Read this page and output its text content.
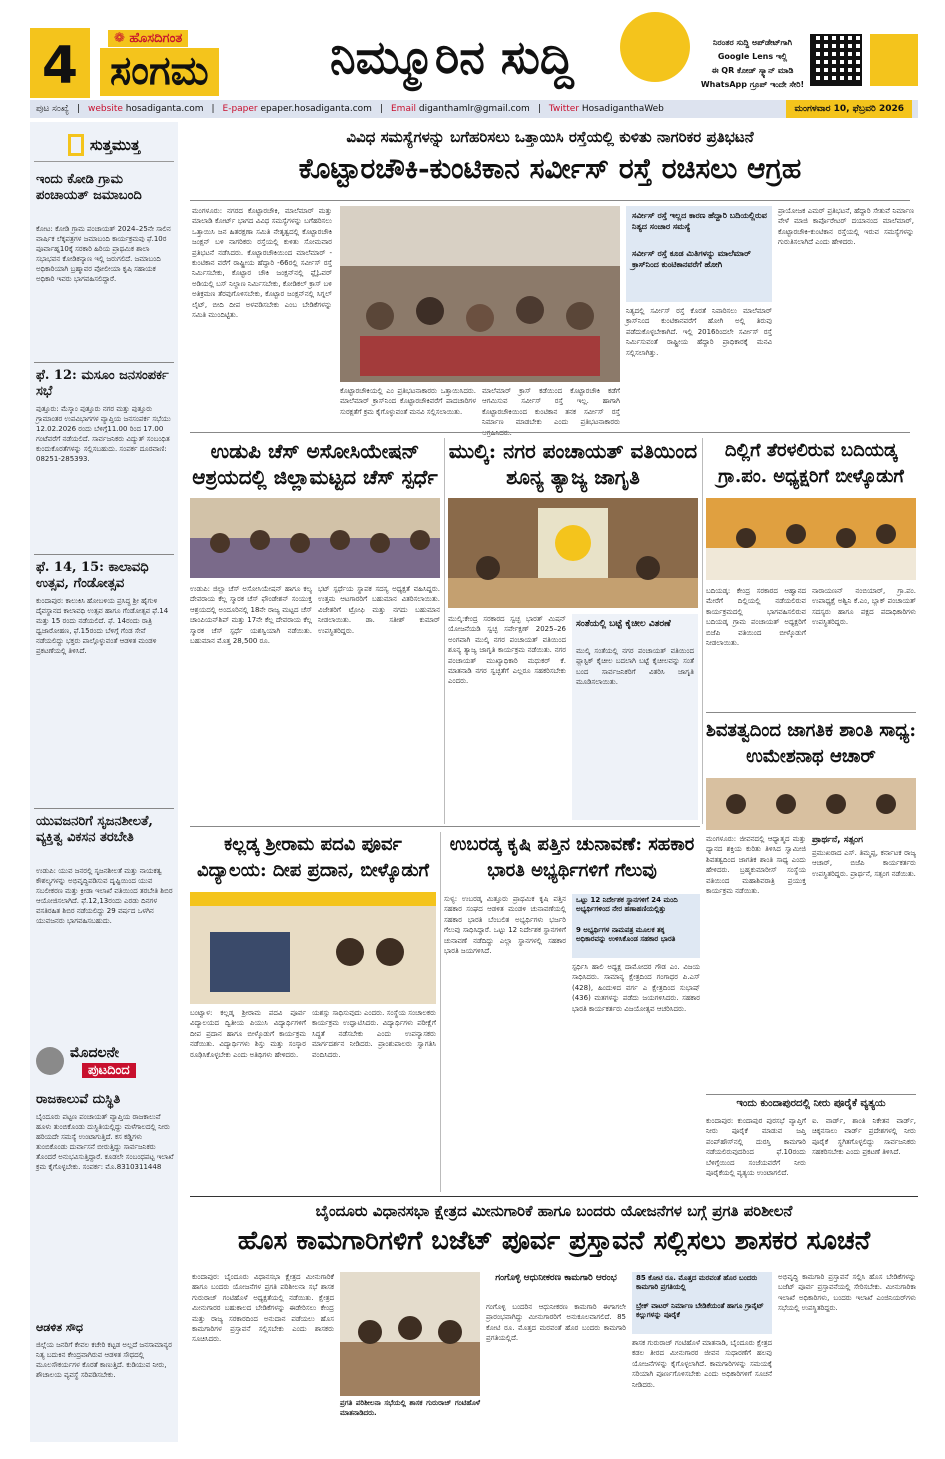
4	❁ ಹೊಸದಿಗಂತ
ಸಂಗಮ	ನಿಮ್ಮೂರಿನ ಸುದ್ದಿ	ನಿರಂತರ ಸುದ್ದಿ ಅಪ್‌ಡೇಟ್‌ಗಾಗಿ
Google Lens ಇಲ್ಲಿ
ಈ QR ಕೋಡ್ ಸ್ಕ್ಯಾನ್ ಮಾಡಿ
WhatsApp ಗ್ರೂಪ್ ಇಂದೇ ಸೇರಿ!
ಪುಟ ಸಂಖ್ಯೆ | website hosadiganta.com | E-paper epaper.hosadiganta.com | Email diganthamlr@gmail.com | Twitter HosadiganthaWeb	ಮಂಗಳವಾರ 10, ಫೆಬ್ರವರಿ 2026
ಸುತ್ತಮುತ್ತ
ಇಂದು ಕೋಡಿ ಗ್ರಾಮ ಪಂಚಾಯತ್ ಜಮಾಬಂದಿ
ಕೋಟ: ಕೋಡಿ ಗ್ರಾಮ ಪಂಚಾಯತ್ 2024–25ನೇ ಸಾಲಿನ ವಾರ್ಷಿಕ ಲೆಕ್ಕಪತ್ರಗಳ ಜಮಾಬಂದಿ ಕಾರ್ಯಕ್ರಮವು ಫೆ.10ರ ಪೂರ್ವಾಹ್ನ10ಕ್ಕೆ ಸರಕಾರಿ ಹಿರಿಯ ಪ್ರಾಥಮಿಕ ಶಾಲಾ ಸಭಾಭವನ ಕೋಡಿಕನ್ಯಾಣ ಇಲ್ಲಿ ಜರುಗಲಿದೆ. ಜಮಾಬಂದಿ ಅಧಿಕಾರಿಯಾಗಿ ಬ್ರಹ್ಮಾವರ ಪೋಲೀಯಾ ಕೃಷಿ ಸಹಾಯಕ ಅಧಿಕಾರಿ ಇವರು ಭಾಗವಹಿಸಲಿದ್ದಾರೆ.
ಫೆ. 12: ಮಸೂಂ ಜನಸಂಪರ್ಕ ಸಭೆ
ಪುತ್ತೂರು: ಮೆಸ್ಕಾಂ ಪುತ್ತೂರು ನಗರ ಮತ್ತು ಪುತ್ತೂರು ಗ್ರಾಮಾಂತರ ಉಪವಿಭಾಗಗಳ ವ್ಯಾಪ್ತಿಯ ಜನಸಂಪರ್ಕ ಸಭೆಯು 12.02.2026 ರಂದು ಬೆಳಿಗ್ಗೆ11.00 ರಿಂದ 17.00 ಗಂಟೆವರೆಗೆ ನಡೆಯಲಿದೆ. ಸಾರ್ವಜನಿಕರು ವಿದ್ಯುತ್ ಸಂಬಂಧಿತ ಕುಂದುಕೊರತೆಗಳನ್ನು ಸಲ್ಲಿಸಬಹುದು. ಸಂಪರ್ಕ ದೂರವಾಣಿ: 08251-285393.
ಫೆ. 14, 15: ಕಾಲಾವಧಿ ಉತ್ಸವ, ಗೆಂಡೋತ್ಸವ
ಕುಂದಾಪುರ: ಕಾಲುಕಿಸಿ ಹೋಬಳಿಯ ಪ್ರಸಿದ್ಧ ಶ್ರೀ ಹೈಗುಳಿ ದೈವಸ್ಥಾನದ ಕಾಲಾವಧಿ ಉತ್ಸವ ಹಾಗೂ ಗೆಂಡೋತ್ಸವ ಫೆ.14 ಮತ್ತು 15 ರಂದು ನಡೆಯಲಿದೆ. ಫೆ. 14ರಂದು ರಾತ್ರಿ ಧ್ವಜಾರೋಹಣ, ಫೆ.15ರಂದು ಬೆಳಿಗ್ಗೆ ಗೆಂಡ ಸೇವೆ ನಡೆಯಲಿದ್ದು ಭಕ್ತರು ಪಾಲ್ಗೊಳ್ಳುವಂತೆ ಆಡಳಿತ ಮಂಡಳಿ ಪ್ರಕಟಣೆಯಲ್ಲಿ ತಿಳಿಸಿದೆ.
ಯುವಜನರಿಗೆ ಸೃಜನಶೀಲತೆ, ವ್ಯಕ್ತಿತ್ವ ವಿಕಸನ ತರಬೇತಿ
ಉಡುಪಿ: ಯುವ ಜನರಲ್ಲಿ ಸೃಜನಶೀಲತೆ ಮತ್ತು ನಾಯಕತ್ವ ಕೌಶಲ್ಯಗಳನ್ನು ಅಭಿವೃದ್ಧಿಪಡಿಸುವ ದೃಷ್ಟಿಯಿಂದ ಯುವ ಸಬಲೀಕರಣ ಮತ್ತು ಕ್ರೀಡಾ ಇಲಾಖೆ ವತಿಯಿಂದ ತರಬೇತಿ ಶಿಬಿರ ಆಯೋಜಿಸಲಾಗಿದೆ. ಫೆ.12,13ರಂದು ಎರಡು ದಿನಗಳ ವಸತಿರಹಿತ ಶಿಬಿರ ನಡೆಯಲಿದ್ದು 29 ವರ್ಷದ ಒಳಗಿನ ಯುವಜನರು ಭಾಗವಹಿಸಬಹುದು.
ಮೊದಲನೇ
ಪುಟದಿಂದ
ರಾಜಕಾಲುವೆ ದುಸ್ಥಿತಿ
ಬೈಂದೂರು ಪಟ್ಟಣ ಪಂಚಾಯತ್ ವ್ಯಾಪ್ತಿಯ ರಾಜಕಾಲುವೆ ಹೂಳು ತುಂಬಿಕೊಂಡು ದುಸ್ಥಿತಿಯಲ್ಲಿದ್ದು ಮಳೆಗಾಲದಲ್ಲಿ ನೀರು ಹರಿಯದೇ ಸಮಸ್ಯೆ ಉಂಟಾಗುತ್ತಿದೆ. ಕಸ ಕಡ್ಡಿಗಳು ತುಂಬಿಕೊಂಡು ದುರ್ವಾಸನೆ ಬೀರುತ್ತಿದ್ದು ಸಾರ್ವಜನಿಕರು ತೊಂದರೆ ಅನುಭವಿಸುತ್ತಿದ್ದಾರೆ. ಕೂಡಲೇ ಸಂಬಂಧಪಟ್ಟ ಇಲಾಖೆ ಕ್ರಮ ಕೈಗೊಳ್ಳಬೇಕು. ಸಂಪರ್ಕ: ಮೊ.8310311448
ಆಡಳಿತ ಸೌಧ
ಜಿಲ್ಲೆಯ ಜನರಿಗೆ ಕೇವಲ ಕಚೇರಿ ಕಟ್ಟಡ ಅಲ್ಲದೆ ಜನಸಾಮಾನ್ಯರ ನಿತ್ಯ ಬದುಕಿನ ಕೇಂದ್ರವಾಗಿರುವ ಆಡಳಿತ ಸೌಧದಲ್ಲಿ ಮೂಲಸೌಕರ್ಯಗಳ ಕೊರತೆ ಕಾಣುತ್ತಿದೆ. ಕುಡಿಯುವ ನೀರು, ಶೌಚಾಲಯ ವ್ಯವಸ್ಥೆ ಸರಿಪಡಿಸಬೇಕು.
ವಿವಿಧ ಸಮಸ್ಯೆಗಳನ್ನು ಬಗೆಹರಿಸಲು ಒತ್ತಾಯಿಸಿ ರಸ್ತೆಯಲ್ಲಿ ಕುಳಿತು ನಾಗರಿಕರ ಪ್ರತಿಭಟನೆ
ಕೊಟ್ಟಾರಚೌಕಿ-ಕುಂಟಿಕಾನ ಸರ್ವೀಸ್ ರಸ್ತೆ ರಚಿಸಲು ಆಗ್ರಹ
ಮಂಗಳೂರು: ನಗರದ ಕೊಟ್ಟಾರಚೌಕಿ, ಮಾಲೆಮಾರ್ ಮತ್ತು ಮಾಲಾಡಿ ಕೋರ್ಟ್ ಭಾಗದ ವಿವಿಧ ಸಮಸ್ಯೆಗಳನ್ನು ಬಗೆಹರಿಸಲು ಒತ್ತಾಯಿಸಿ ಜನ ಹಿತರಕ್ಷಣಾ ಸಮಿತಿ ನೇತೃತ್ವದಲ್ಲಿ ಕೊಟ್ಟಾರಚೌಕಿ ಜಂಕ್ಷನ್ ಬಳಿ ನಾಗರಿಕರು ರಸ್ತೆಯಲ್ಲಿ ಕುಳಿತು ಸೋಮವಾರ ಪ್ರತಿಭಟನೆ ನಡೆಸಿದರು. ಕೊಟ್ಟಾರಚೌಕಿಯಿಂದ ಮಾಲೆಮಾರ್ - ಕುಂಟಿಕಾನ ವರೆಗೆ ರಾಷ್ಟ್ರೀಯ ಹೆದ್ದಾರಿ -66ರಲ್ಲಿ ಸರ್ವೀಸ್ ರಸ್ತೆ ನಿರ್ಮಿಸಬೇಕು, ಕೊಟ್ಟಾರ ಚೌಕಿ ಜಂಕ್ಷನ್‌ನಲ್ಲಿ ಫ್ಲೈಓವರ್ ಅಡಿಯಲ್ಲಿ ಬಸ್ ನಿಲ್ದಾಣ ನಿರ್ಮಿಸಬೇಕು, ಕೋಡಿಕಲ್ ಕ್ರಾಸ್ ಬಳಿ ಅತಿಕ್ರಮಣ ತೆರವುಗೊಳಿಸಬೇಕು, ಕೊಟ್ಟಾರ ಜಂಕ್ಷನ್‌ನಲ್ಲಿ ಸಿಗ್ನಲ್ ಲೈಟ್, ಬೀದಿ ದೀಪ ಅಳವಡಿಸಬೇಕು ಎಂಬ ಬೇಡಿಕೆಗಳನ್ನು ಸಮಿತಿ ಮುಂದಿಟ್ಟಿತು.
ಕೊಟ್ಟಾರಚೌಕಿಯಲ್ಲಿ ಎಂ ಪ್ರತಿಭಟನಾಕಾರರು ಒತ್ತಾಯಿಸಿದರು. ಮಾಲೆಮಾರ್ ಕ್ರಾಸ್‌ನಿಂದ ಕೊಟ್ಟಾರಚೌಕಿವರೆಗೆ ಪಾದಚಾರಿಗಳ ಸುರಕ್ಷತೆಗೆ ಕ್ರಮ ಕೈಗೊಳ್ಳುವಂತೆ ಮನವಿ ಸಲ್ಲಿಸಲಾಯಿತು.
ಮಾಲೆಮಾರ್ ಕ್ರಾಸ್ ಕಡೆಯಿಂದ ಕೊಟ್ಟಾರಚೌಕಿ ಕಡೆಗೆ ಆಗಮಿಸುವ ಸರ್ವೀಸ್ ರಸ್ತೆ ಇಲ್ಲ. ಹಾಗಾಗಿ ಕೊಟ್ಟಾರಚೌಕಿಯಿಂದ ಕುಂಟಿಕಾನ ತನಕ ಸರ್ವೀಸ್ ರಸ್ತೆ ನಿರ್ಮಾಣ ಮಾಡಬೇಕು ಎಂದು ಪ್ರತಿಭಟನಾಕಾರರು
ಸರ್ವೀಸ್ ರಸ್ತೆ ಇಲ್ಲದ ಕಾರಣ ಹೆದ್ದಾರಿ ಬದಿಯಲ್ಲಿರುವ ನಿತ್ಯದ ಸಂಚಾರ ಸಮಸ್ಯೆ
ಸರ್ವೀಸ್ ರಸ್ತೆ ಕೂಡ ಮಿತಿಗಳನ್ನು ಮಾಲೆಮಾರ್ ಕ್ರಾಸ್‌ನಿಂದ ಕುಂಟಿಕಾನವರೆಗೆ ಹೋಗಿ
ನಿತ್ಯದಲ್ಲಿ ಸರ್ವೀಸ್ ರಸ್ತೆ ಕೊರತೆ ನಿವಾರಿಸಲು ಮಾಲೆಮಾರ್ ಕ್ರಾಸ್‌ನಿಂದ ಕುಂಟಿಕಾನವರೆಗೆ ಹೋಗಿ ಅಲ್ಲಿ ತಿರುವು ಪಡೆದುಕೊಳ್ಳಬೇಕಾಗಿದೆ. ಇಲ್ಲಿ 2016ರಿಂದಲೇ ಸರ್ವೀಸ್ ರಸ್ತೆ ನಿರ್ಮಿಸುವಂತೆ ರಾಷ್ಟ್ರೀಯ ಹೆದ್ದಾರಿ ಪ್ರಾಧಿಕಾರಕ್ಕೆ ಮನವಿ ಸಲ್ಲಿಸಲಾಗಿತ್ತು.
ಪ್ರಾಯೋಜಕ ಎಮರ್ ಪ್ರತಿಭಟನೆ, ಹೆದ್ದಾರಿ ಸೇತುವೆ ನಿರ್ಮಾಣ ವೇಳೆ ಮಾಜಿ ಕಾರ್ಪೊರೇಟರ್ ದಯಾನಂದ ಮಾಲೆಮಾರ್, ಕೊಟ್ಟಾರಚೌಕಿ-ಕುಂಟಿಕಾನ ರಸ್ತೆಯಲ್ಲಿ ಇರುವ ಸಮಸ್ಯೆಗಳನ್ನು ಗುರುತಿಸಲಾಗಿದೆ ಎಂದು ಹೇಳಿದರು.
ಉಡುಪಿ ಚೆಸ್ ಅಸೋಸಿಯೇಷನ್ ಆಶ್ರಯದಲ್ಲಿ ಜಿಲ್ಲಾಮಟ್ಟದ ಚೆಸ್ ಸ್ಪರ್ಧೆ
ಉಡುಪಿ: ಜಿಲ್ಲಾ ಚೆಸ್ ಅಸೋಸಿಯೇಷನ್ ಹಾಗೂ ಕಲ್ಯ ದೇವರಾಯ ಕೆಲ್ಲ ಸ್ಮಾರಕ ಚೆಸ್ ಫೌಂಡೇಶನ್ ಸಂಯುಕ್ತ ಆಶ್ರಯದಲ್ಲಿ ಅಂದೂರಿನಲ್ಲಿ 18ನೇ ರಾಜ್ಯ ಮಟ್ಟದ ಚೆಸ್ ಚಾಂಪಿಯನ್‌ಶಿಪ್ ಮತ್ತು 17ನೇ ಕೆಲ್ಲ ದೇವರಾಯ ಕೆಲ್ಲ ಸ್ಮಾರಕ ಚೆಸ್ ಸ್ಪರ್ಧೆ ಯಶಸ್ವಿಯಾಗಿ ನಡೆಯಿತು. ಬಹುಮಾನ ಮೊತ್ತ 28,500 ರೂ.
ಭಟ್ ಸ್ಪರ್ಧೆಯ ಸ್ಥಾಪಕ ಸದಸ್ಯ ಅಧ್ಯಕ್ಷತೆ ವಹಿಸಿದ್ದರು. ಉತ್ತಮ ಆಟಗಾರರಿಗೆ ಬಹುಮಾನ ವಿತರಿಸಲಾಯಿತು. ವಿಜೇತರಿಗೆ ಟ್ರೋಫಿ ಮತ್ತು ನಗದು ಬಹುಮಾನ ನೀಡಲಾಯಿತು. ಡಾ. ಸತೀಶ್ ಕುಮಾರ್ ಉಪಸ್ಥಿತರಿದ್ದರು.
ಮುಲ್ಕಿ: ನಗರ ಪಂಚಾಯತ್ ವತಿಯಿಂದ ಶೂನ್ಯ ತ್ಯಾಜ್ಯ ಜಾಗೃತಿ
ಮುಲ್ಕಿ:ಕೇಂದ್ರ ಸರಕಾರದ ಸ್ವಚ್ಛ ಭಾರತ್ ಮಿಷನ್ ಯೋಜನೆಯಡಿ ಸ್ವಚ್ಛ ಸರ್ವೇಕ್ಷಣ್ 2025–26 ಅಂಗವಾಗಿ ಮುಲ್ಕಿ ನಗರ ಪಂಚಾಯತ್ ವತಿಯಿಂದ ಶೂನ್ಯ ತ್ಯಾಜ್ಯ ಜಾಗೃತಿ ಕಾರ್ಯಕ್ರಮ ನಡೆಯಿತು. ನಗರ ಪಂಚಾಯತ್ ಮುಖ್ಯಾಧಿಕಾರಿ ಮಧುಕರ್ ಕೆ. ಮಾತನಾಡಿ ನಗರ ಸ್ವಚ್ಛತೆಗೆ ಎಲ್ಲರೂ ಸಹಕರಿಸಬೇಕು ಎಂದರು.
ಸಂತೆಯಲ್ಲಿ ಬಟ್ಟೆ ಕೈಚೀಲ ವಿತರಣೆ
ಮುಲ್ಕಿ ಸಂತೆಯಲ್ಲಿ ನಗರ ಪಂಚಾಯತ್ ವತಿಯಿಂದ ಪ್ಲಾಸ್ಟಿಕ್ ಕೈಚೀಲ ಬದಲಾಗಿ ಬಟ್ಟೆ ಕೈಚೀಲವನ್ನು ಸಂತೆ ಬಂದ ಸಾರ್ವಜನಿಕರಿಗೆ ವಿತರಿಸಿ ಜಾಗೃತಿ ಮೂಡಿಸಲಾಯಿತು.
ದಿಲ್ಲಿಗೆ ತೆರಳಲಿರುವ ಬದಿಯಡ್ಕ ಗ್ರಾ.ಪಂ. ಅಧ್ಯಕ್ಷರಿಗೆ ಬೀಳ್ಕೊಡುಗೆ
ಬದಿಯಡ್ಕ: ಕೇಂದ್ರ ಸರಕಾರದ ಆಹ್ವಾನದ ಮೇರೆಗೆ ದಿಲ್ಲಿಯಲ್ಲಿ ನಡೆಯಲಿರುವ ಕಾರ್ಯಕ್ರಮದಲ್ಲಿ ಭಾಗವಹಿಸಲಿರುವ ಬದಿಯಡ್ಕ ಗ್ರಾಮ ಪಂಚಾಯತ್ ಅಧ್ಯಕ್ಷರಿಗೆ ಬಿಜೆಪಿ ವತಿಯಿಂದ ಬೀಳ್ಕೊಡುಗೆ ನೀಡಲಾಯಿತು.
ನಾರಾಯಣನ್ ನಂಬಿಯಾರ್, ಗ್ರಾ.ಪಂ. ಉಪಾಧ್ಯಕ್ಷೆ ಅಶ್ವಿನಿ ಕೆ.ಎಂ, ಬ್ಲಾಕ್ ಪಂಚಾಯತ್ ಸದಸ್ಯರು ಹಾಗೂ ಪಕ್ಷದ ಪದಾಧಿಕಾರಿಗಳು ಉಪಸ್ಥಿತರಿದ್ದರು.
ಶಿವತತ್ವದಿಂದ ಜಾಗತಿಕ ಶಾಂತಿ ಸಾಧ್ಯ: ಉಮೇಶನಾಥ ಆಚಾರ್
ಮಂಗಳೂರು: ಜೀವನದಲ್ಲಿ ಆಧ್ಯಾತ್ಮದ ಮತ್ತು ಧ್ಯಾನದ ಶಕ್ತಿಯ ಕುರಿತು ತಿಳಿಸಿದ ಸ್ವಾಮೀಜಿ ಶಿವತತ್ವದಿಂದ ಜಾಗತಿಕ ಶಾಂತಿ ಸಾಧ್ಯ ಎಂದು ಹೇಳಿದರು. ಬ್ರಹ್ಮಕುಮಾರೀಸ್ ಸಂಸ್ಥೆಯ ವತಿಯಿಂದ ಮಹಾಶಿವರಾತ್ರಿ ಪ್ರಯುಕ್ತ ಕಾರ್ಯಕ್ರಮ ನಡೆಯಿತು.
ಪ್ರಾರ್ಥನೆ, ಸತ್ಸಂಗ
ಪ್ರಮುಖರಾದ ಎಸ್. ತಿಮ್ಮಪ್ಪ, ಕರ್ನಾಟಕ ರಾಜ್ಯ ಆಚಾರ್, ಬಿಜೆಪಿ ಕಾರ್ಯಕರ್ತರು ಉಪಸ್ಥಿತರಿದ್ದರು. ಪ್ರಾರ್ಥನೆ, ಸತ್ಸಂಗ ನಡೆಯಿತು.
ಕಲ್ಲಡ್ಕ ಶ್ರೀರಾಮ ಪದವಿ ಪೂರ್ವ ವಿದ್ಯಾಲಯ: ದೀಪ ಪ್ರದಾನ, ಬೀಳ್ಕೊಡುಗೆ
ಬಂಟ್ವಾಳ: ಕಲ್ಲಡ್ಕ ಶ್ರೀರಾಮ ಪದವಿ ಪೂರ್ವ ವಿದ್ಯಾಲಯದ ದ್ವಿತೀಯ ಪಿಯುಸಿ ವಿದ್ಯಾರ್ಥಿಗಳಿಗೆ ದೀಪ ಪ್ರದಾನ ಹಾಗೂ ಬೀಳ್ಕೊಡುಗೆ ಕಾರ್ಯಕ್ರಮ ನಡೆಯಿತು. ವಿದ್ಯಾರ್ಥಿಗಳು ಶಿಸ್ತು ಮತ್ತು ಸಂಸ್ಕಾರ ರೂಢಿಸಿಕೊಳ್ಳಬೇಕು ಎಂದು ಅತಿಥಿಗಳು ಹೇಳಿದರು.
ಯಶಸ್ಸು ಸಾಧಿಸುವುದು ಎಂದರು. ಸಂಸ್ಥೆಯ ಸಂಚಾಲಕರು ಕಾರ್ಯಕ್ರಮ ಉದ್ಘಾಟಿಸಿದರು. ವಿದ್ಯಾರ್ಥಿಗಳು ಪರೀಕ್ಷೆಗೆ ಸಿದ್ಧತೆ ನಡೆಸಬೇಕು ಎಂದು ಉಪನ್ಯಾಸಕರು ಮಾರ್ಗದರ್ಶನ ನೀಡಿದರು. ಪ್ರಾಂಶುಪಾಲರು ಸ್ವಾಗತಿಸಿ ವಂದಿಸಿದರು.
ಉಬರಡ್ಕ ಕೃಷಿ ಪತ್ತಿನ ಚುನಾವಣೆ: ಸಹಕಾರ ಭಾರತಿ ಅಭ್ಯರ್ಥಿಗಳಿಗೆ ಗೆಲುವು
ಸುಳ್ಯ: ಉಬರಡ್ಕ ಮಿತ್ತೂರು ಪ್ರಾಥಮಿಕ ಕೃಷಿ ಪತ್ತಿನ ಸಹಕಾರ ಸಂಘದ ಆಡಳಿತ ಮಂಡಳಿ ಚುನಾವಣೆಯಲ್ಲಿ ಸಹಕಾರ ಭಾರತಿ ಬೆಂಬಲಿತ ಅಭ್ಯರ್ಥಿಗಳು ಭರ್ಜರಿ ಗೆಲುವು ಸಾಧಿಸಿದ್ದಾರೆ. ಒಟ್ಟು 12 ನಿರ್ದೇಶಕ ಸ್ಥಾನಗಳಿಗೆ ಚುನಾವಣೆ ನಡೆದಿದ್ದು ಎಲ್ಲಾ ಸ್ಥಾನಗಳಲ್ಲಿ ಸಹಕಾರ ಭಾರತಿ ಜಯಗಳಿಸಿದೆ.
ಒಟ್ಟು 12 ನಿರ್ದೇಶಕ ಸ್ಥಾನಗಳಿಗೆ 24 ಮಂದಿ ಅಭ್ಯರ್ಥಿಗಳಿಂದ ನೇರ ಹಣಾಹಣಿಯಲ್ಲಿತ್ತು
9 ಅಭ್ಯರ್ಥಿಗಳ ನಾಮಪತ್ರ ಮೂಲಕ ತಕ್ಕ ಅಧಿಕಾರವನ್ನು ಉಳಿಸಿಕೊಂಡ ಸಹಕಾರ ಭಾರತಿ
ಸ್ಪರ್ಧಿಸಿ ಹಾಲಿ ಅಧ್ಯಕ್ಷ ದಾಮೋದರ ಗೌಡ ಎಂ. ವಿಜಯ ಸಾಧಿಸಿದರು. ಸಾಮಾನ್ಯ ಕ್ಷೇತ್ರದಿಂದ ಗಂಗಾಧರ ಪಿ.ಎಸ್ (428), ಹಿಂದುಳಿದ ವರ್ಗ ಎ ಕ್ಷೇತ್ರದಿಂದ ಸುಭಾಷ್ (436) ಮತಗಳನ್ನು ಪಡೆದು ಜಯಗಳಿಸಿದರು. ಸಹಕಾರ ಭಾರತಿ ಕಾರ್ಯಕರ್ತರು ವಿಜಯೋತ್ಸವ ಆಚರಿಸಿದರು.
ಇಂದು ಕುಂದಾಪುರದಲ್ಲಿ ನೀರು ಪೂರೈಕೆ ವ್ಯತ್ಯಯ
ಕುಂದಾಪುರ: ಕುಂದಾಪುರ ಪುರಸಭೆ ವ್ಯಾಪ್ತಿಗೆ ನೀರು ಪೂರೈಕೆ ಮಾಡುವ ಜಪ್ತಿ ಪಂಪ್‌ಹೌಸ್‌ನಲ್ಲಿ ದುರಸ್ತಿ ಕಾಮಗಾರಿ ನಡೆಯಲಿರುವುದರಿಂದ ಫೆ.10ರಂದು ಬೆಳಿಗ್ಗೆಯಿಂದ ಸಂಜೆಯವರೆಗೆ ನೀರು ಪೂರೈಕೆಯಲ್ಲಿ ವ್ಯತ್ಯಯ ಉಂಟಾಗಲಿದೆ.
ಐ. ವಾರ್ಡ್, ಶಾಂತಿ ನಿಕೇತನ ವಾರ್ಡ್, ಚಿಕ್ಕನಸಾಲು ವಾರ್ಡ್ ಪ್ರದೇಶಗಳಲ್ಲಿ ನೀರು ಪೂರೈಕೆ ಸ್ಥಗಿತಗೊಳ್ಳಲಿದ್ದು ಸಾರ್ವಜನಿಕರು ಸಹಕರಿಸಬೇಕು ಎಂದು ಪ್ರಕಟಣೆ ತಿಳಿಸಿದೆ.
ಬೈಂದೂರು ವಿಧಾನಸಭಾ ಕ್ಷೇತ್ರದ ಮೀನುಗಾರಿಕೆ ಹಾಗೂ ಬಂದರು ಯೋಜನೆಗಳ ಬಗ್ಗೆ ಪ್ರಗತಿ ಪರಿಶೀಲನೆ
ಹೊಸ ಕಾಮಗಾರಿಗಳಿಗೆ ಬಜೆಟ್ ಪೂರ್ವ ಪ್ರಸ್ತಾವನೆ ಸಲ್ಲಿಸಲು ಶಾಸಕರ ಸೂಚನೆ
ಕುಂದಾಪುರ: ಬೈಂದೂರು ವಿಧಾನಸಭಾ ಕ್ಷೇತ್ರದ ಮೀನುಗಾರಿಕೆ ಹಾಗೂ ಬಂದರು ಯೋಜನೆಗಳ ಪ್ರಗತಿ ಪರಿಶೀಲನಾ ಸಭೆ ಶಾಸಕ ಗುರುರಾಜ್ ಗಂಟಿಹೊಳೆ ಅಧ್ಯಕ್ಷತೆಯಲ್ಲಿ ನಡೆಯಿತು. ಕ್ಷೇತ್ರದ ಮೀನುಗಾರರ ಬಹುಕಾಲದ ಬೇಡಿಕೆಗಳನ್ನು ಈಡೇರಿಸಲು ಕೇಂದ್ರ ಮತ್ತು ರಾಜ್ಯ ಸರಕಾರದಿಂದ ಅನುದಾನ ಪಡೆಯಲು ಹೊಸ ಕಾಮಗಾರಿಗಳ ಪ್ರಸ್ತಾವನೆ ಸಲ್ಲಿಸಬೇಕು ಎಂದು ಶಾಸಕರು ಸೂಚಿಸಿದರು.
ಪ್ರಗತಿ ಪರಿಶೀಲನಾ ಸಭೆಯಲ್ಲಿ ಶಾಸಕ ಗುರುರಾಜ್ ಗಂಟಿಹೊಳೆ ಮಾತನಾಡಿದರು.
ಗಂಗೊಳ್ಳಿ ಆಧುನೀಕರಣ ಕಾಮಗಾರಿ ಆರಂಭ
ಗಂಗೊಳ್ಳಿ ಬಂದರಿನ ಆಧುನೀಕರಣ ಕಾಮಗಾರಿ ಈಗಾಗಲೇ ಪ್ರಾರಂಭವಾಗಿದ್ದು ಮೀನುಗಾರರಿಗೆ ಅನುಕೂಲವಾಗಲಿದೆ. 85 ಕೋಟಿ ರೂ. ಮೊತ್ತದ ಮರವಂತೆ ಹೊರ ಬಂದರು ಕಾಮಗಾರಿ ಪ್ರಗತಿಯಲ್ಲಿದೆ.
85 ಕೋಟಿ ರೂ. ಮೊತ್ತದ ಮರವಂತೆ ಹೊರ ಬಂದರು ಕಾಮಗಾರಿ ಪ್ರಗತಿಯಲ್ಲಿ
ಬ್ರೇಕ್ ವಾಟರ್ ನಿರ್ಮಾಣ ಬೇಡಿಕೆಯಂತೆ ಹಾಗೂ ಗ್ರಾನೈಟ್ ಕಲ್ಲುಗಳನ್ನು ಪೂರೈಕೆ
ಶಾಸಕ ಗುರುರಾಜ್ ಗಂಟಿಹೊಳೆ ಮಾತನಾಡಿ, ಬೈಂದೂರು ಕ್ಷೇತ್ರದ ಕಡಲ ತೀರದ ಮೀನುಗಾರರ ಜೀವನ ಸುಧಾರಣೆಗೆ ಹಲವು ಯೋಜನೆಗಳನ್ನು ಕೈಗೊಳ್ಳಲಾಗಿದೆ. ಕಾಮಗಾರಿಗಳನ್ನು ಸಮಯಕ್ಕೆ ಸರಿಯಾಗಿ ಪೂರ್ಣಗೊಳಿಸಬೇಕು ಎಂದು ಅಧಿಕಾರಿಗಳಿಗೆ ಸೂಚನೆ ನೀಡಿದರು.
ಅಭಿವೃದ್ಧಿ ಕಾಮಗಾರಿ ಪ್ರಸ್ತಾವನೆ ಸಲ್ಲಿಸಿ ಹೊಸ ಬೇಡಿಕೆಗಳನ್ನು ಬಜೆಟ್ ಪೂರ್ವ ಪ್ರಸ್ತಾವನೆಯಲ್ಲಿ ಸೇರಿಸಬೇಕು. ಮೀನುಗಾರಿಕಾ ಇಲಾಖೆ ಅಧಿಕಾರಿಗಳು, ಬಂದರು ಇಲಾಖೆ ಎಂಜಿನಿಯರ್‌ಗಳು ಸಭೆಯಲ್ಲಿ ಉಪಸ್ಥಿತರಿದ್ದರು.
